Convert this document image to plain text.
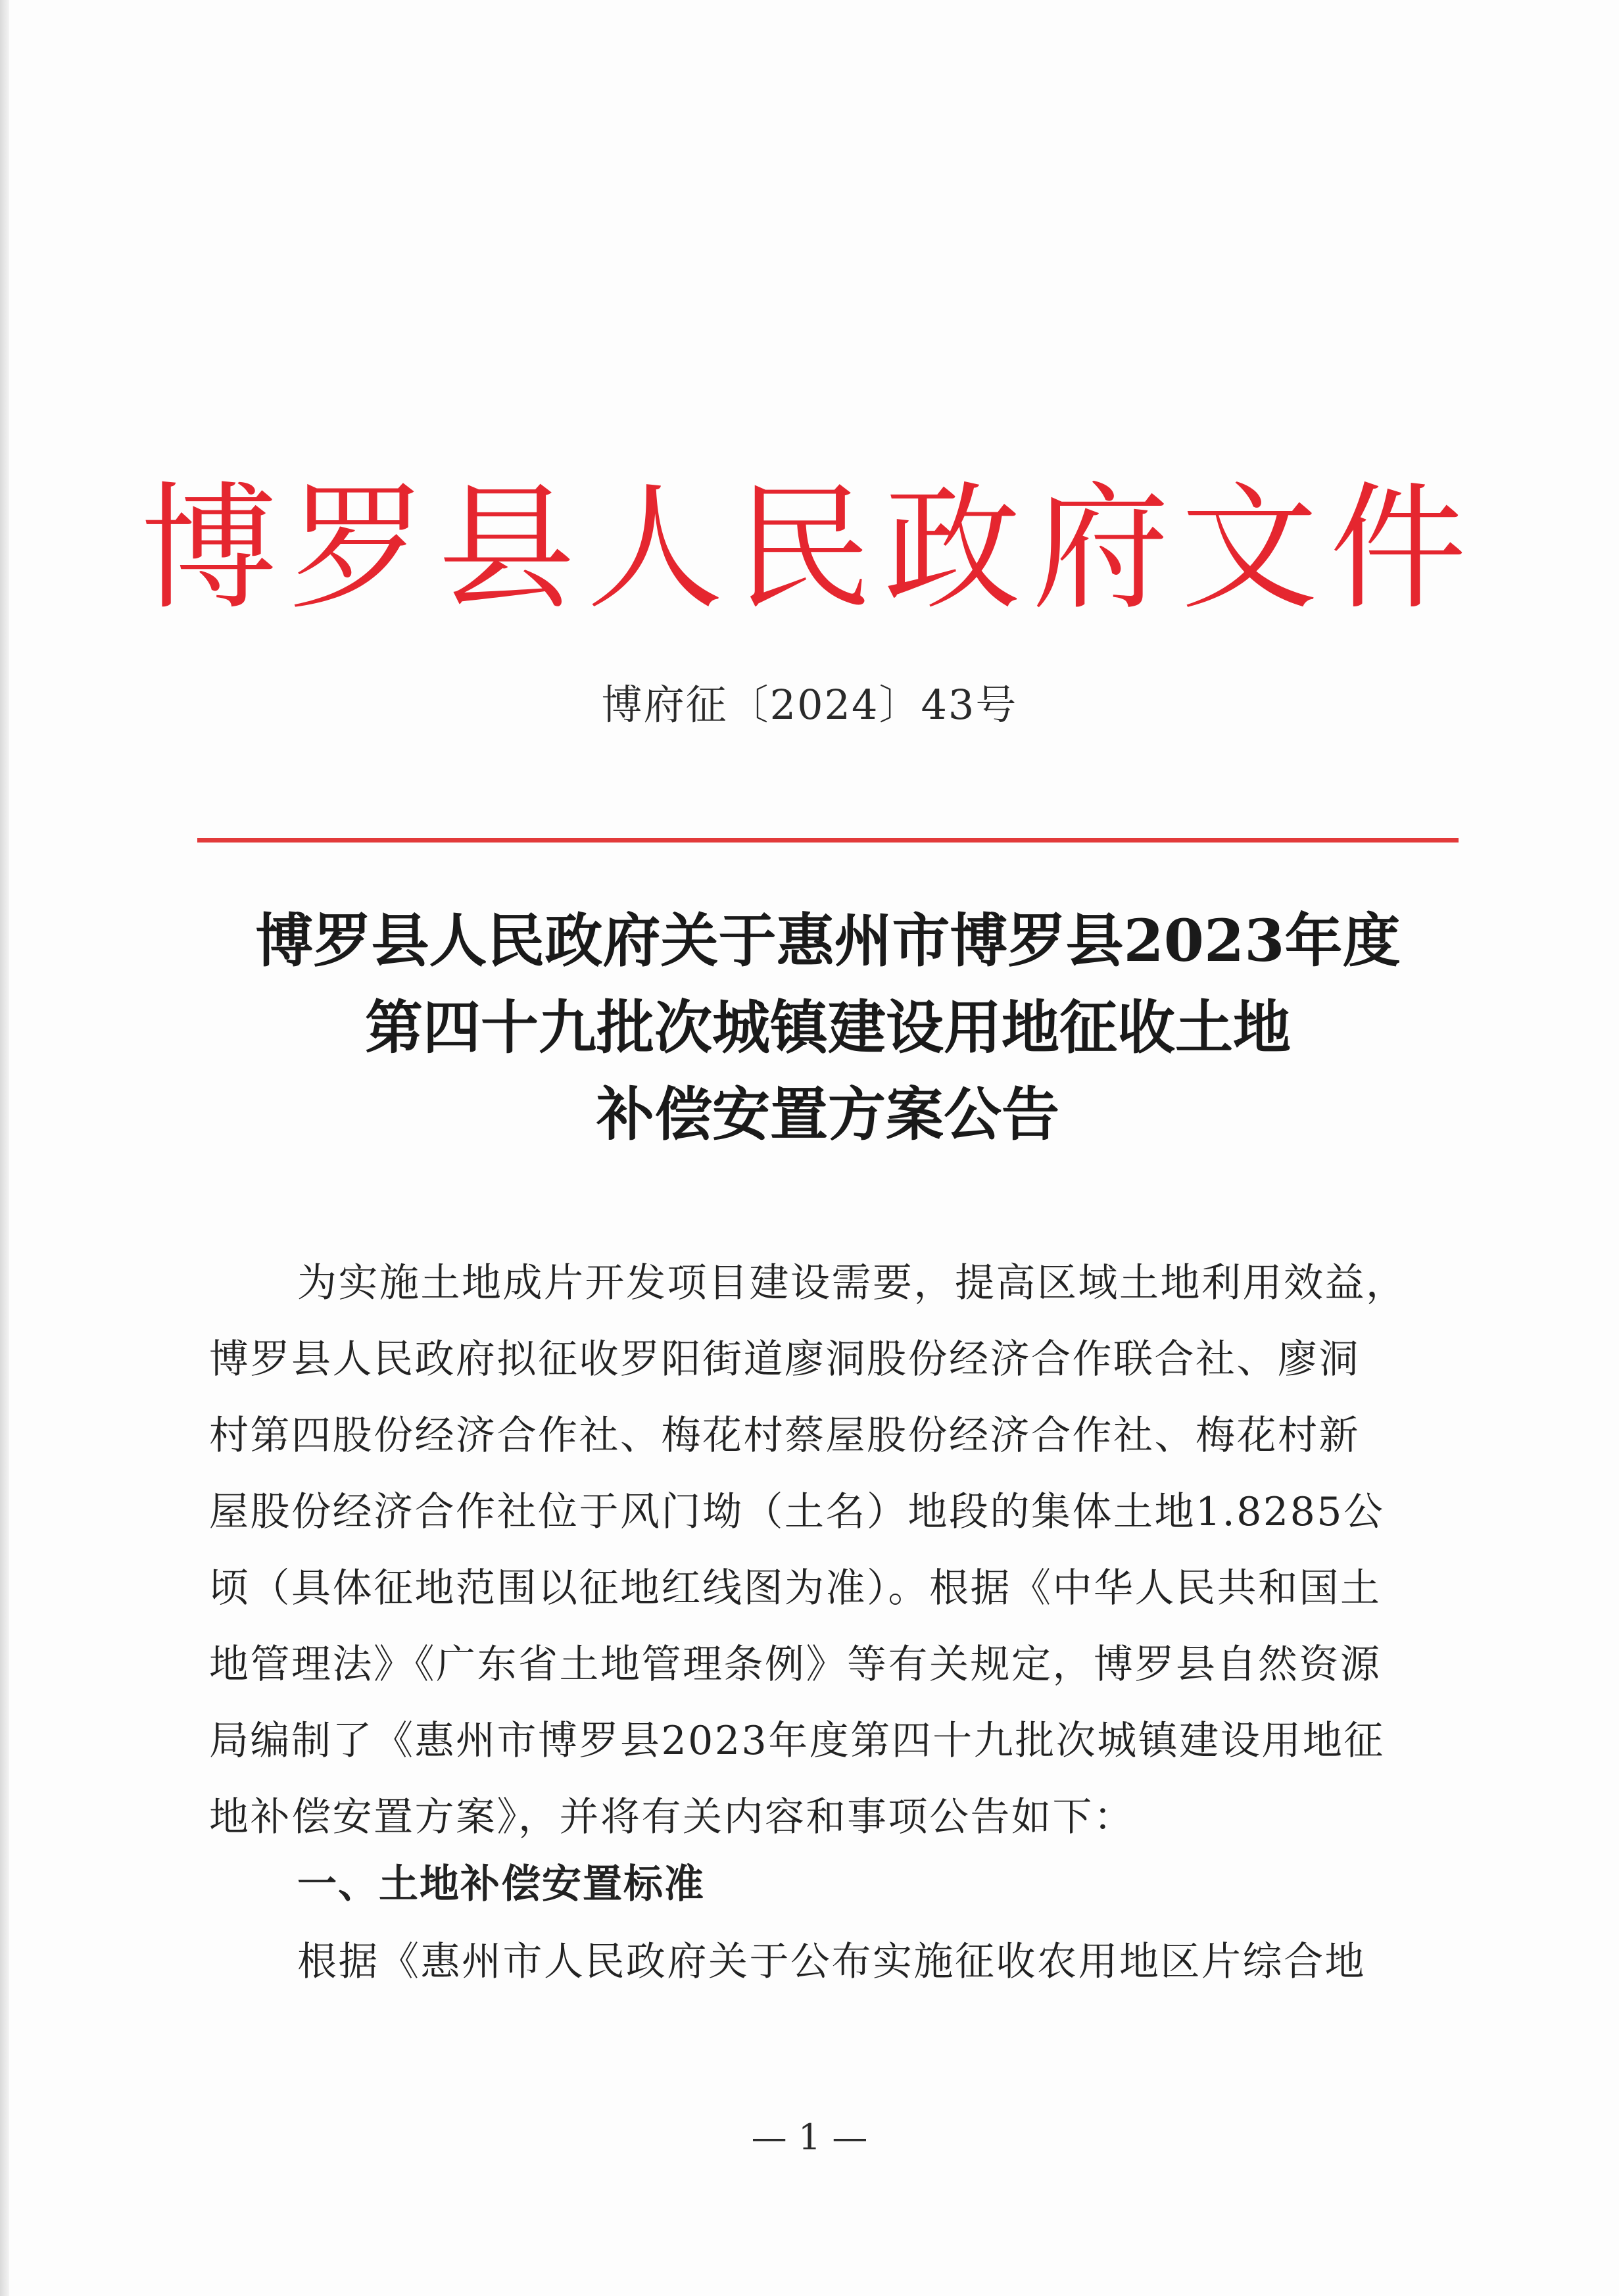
博罗县人民政府文件
博府征〔2024〕43号
博罗县人民政府关于惠州市博罗县2023年度
第四十九批次城镇建设用地征收土地
补偿安置方案公告
为实施土地成片开发项目建设需要，提高区域土地利用效益，
博罗县人民政府拟征收罗阳街道廖洞股份经济合作联合社、廖洞
村第四股份经济合作社、梅花村蔡屋股份经济合作社、梅花村新
屋股份经济合作社位于风门坳（土名）地段的集体土地1.8285公
顷（具体征地范围以征地红线图为准）。根据《中华人民共和国土
地管理法》《广东省土地管理条例》等有关规定，博罗县自然资源
局编制了《惠州市博罗县2023年度第四十九批次城镇建设用地征
地补偿安置方案》，并将有关内容和事项公告如下：
一、土地补偿安置标准
根据《惠州市人民政府关于公布实施征收农用地区片综合地
— 1 —
